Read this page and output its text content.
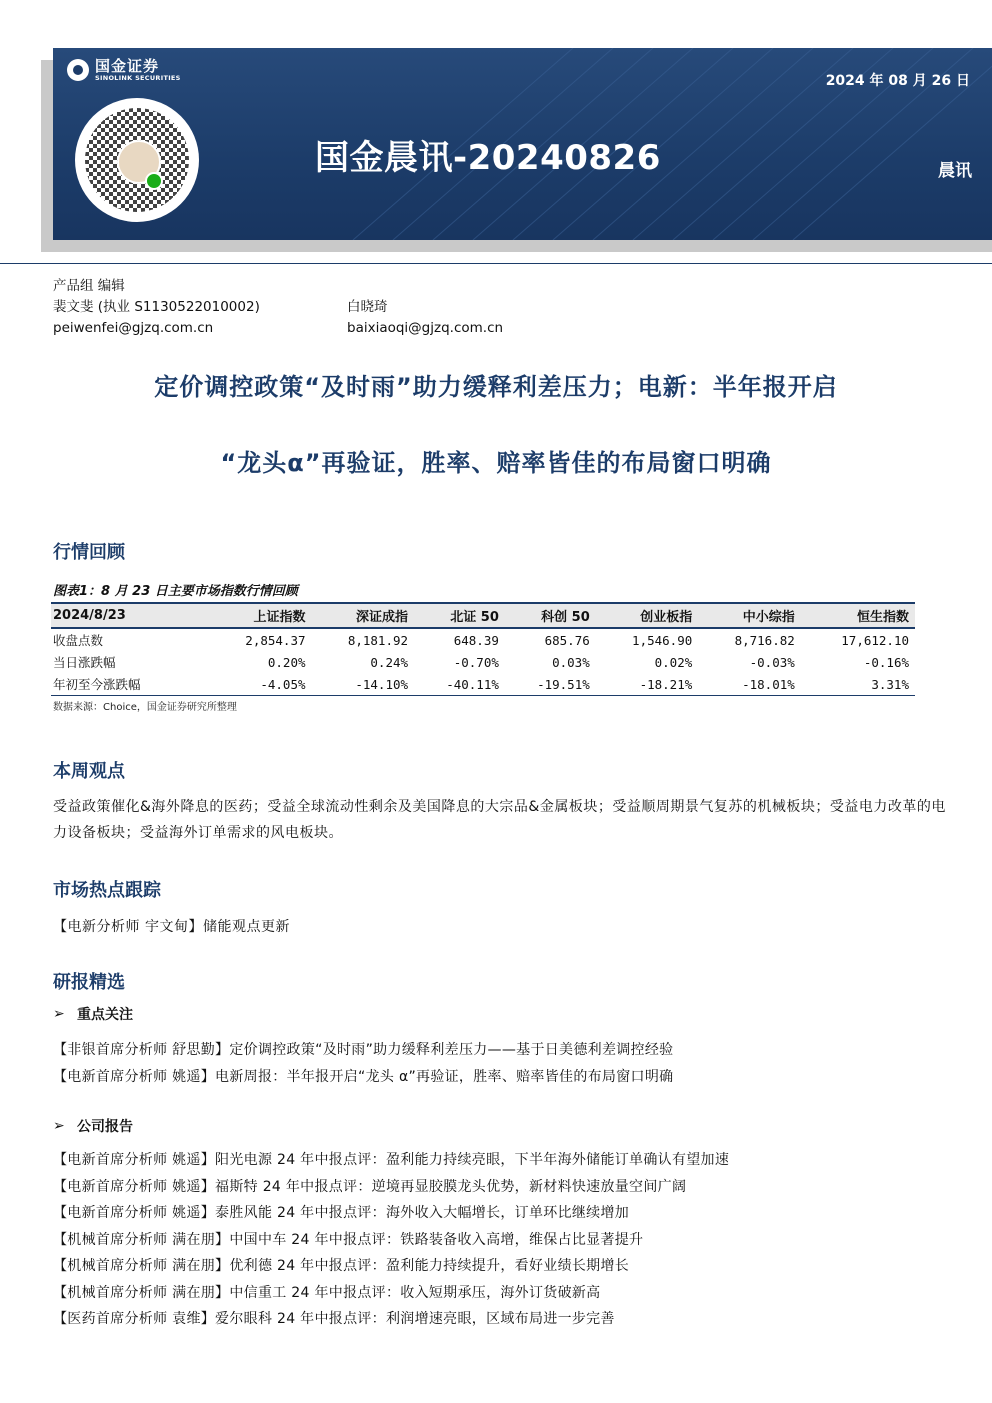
国金证券
SINOLINK SECURITIES	2024 年 08 月 26 日
国金晨讯-20240826	晨讯
产品组 编辑
裴文斐 (执业 S1130522010002)
peiwenfei@gjzq.com.cn
白晓琦
baixiaoqi@gjzq.com.cn
定价调控政策“及时雨”助力缓释利差压力；电新：半年报开启
“龙头α”再验证，胜率、赔率皆佳的布局窗口明确
行情回顾
图表1：8 月 23 日主要市场指数行情回顾
2024/8/23	上证指数	深证成指	北证 50	科创 50	创业板指	中小综指	恒生指数
收盘点数	2,854.37	8,181.92	648.39	685.76	1,546.90	8,716.82	17,612.10
当日涨跌幅	0.20%	0.24%	-0.70%	0.03%	0.02%	-0.03%	-0.16%
年初至今涨跌幅	-4.05%	-14.10%	-40.11%	-19.51%	-18.21%	-18.01%	3.31%
数据来源：Choice，国金证券研究所整理
本周观点
受益政策催化&海外降息的医药；受益全球流动性剩余及美国降息的大宗品&金属板块；受益顺周期景气复苏的机械板块；受益电力改革的电力设备板块；受益海外订单需求的风电板块。
市场热点跟踪
【电新分析师 宇文甸】储能观点更新
研报精选
➢ 重点关注
【非银首席分析师 舒思勤】定价调控政策“及时雨”助力缓释利差压力——基于日美德利差调控经验
【电新首席分析师 姚遥】电新周报：半年报开启“龙头 α”再验证，胜率、赔率皆佳的布局窗口明确
➢ 公司报告
【电新首席分析师 姚遥】阳光电源 24 年中报点评：盈利能力持续亮眼，下半年海外储能订单确认有望加速
【电新首席分析师 姚遥】福斯特 24 年中报点评：逆境再显胶膜龙头优势，新材料快速放量空间广阔
【电新首席分析师 姚遥】泰胜风能 24 年中报点评：海外收入大幅增长，订单环比继续增加
【机械首席分析师 满在朋】中国中车 24 年中报点评：铁路装备收入高增，维保占比显著提升
【机械首席分析师 满在朋】优利德 24 年中报点评：盈利能力持续提升，看好业绩长期增长
【机械首席分析师 满在朋】中信重工 24 年中报点评：收入短期承压，海外订货破新高
【医药首席分析师 袁维】爱尔眼科 24 年中报点评：利润增速亮眼，区域布局进一步完善
